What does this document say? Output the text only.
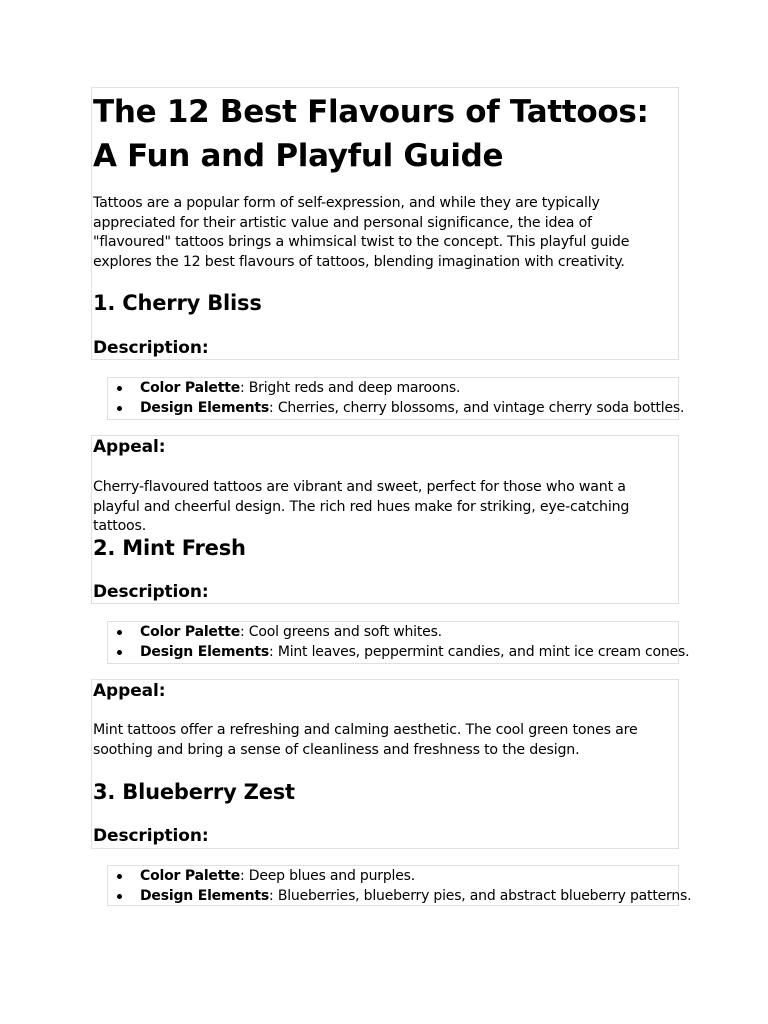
The 12 Best Flavours of Tattoos: A Fun and Playful Guide

Tattoos are a popular form of self-expression, and while they are typically appreciated for their artistic value and personal significance, the idea of "flavoured" tattoos brings a whimsical twist to the concept. This playful guide explores the 12 best flavours of tattoos, blending imagination with creativity.

1. Cherry Bliss
Description:
Color Palette: Bright reds and deep maroons.
Design Elements: Cherries, cherry blossoms, and vintage cherry soda bottles.
Appeal:

Cherry-flavoured tattoos are vibrant and sweet, perfect for those who want a playful and cheerful design. The rich red hues make for striking, eye-catching tattoos.

2. Mint Fresh
Description:
Color Palette: Cool greens and soft whites.
Design Elements: Mint leaves, peppermint candies, and mint ice cream cones.
Appeal:

Mint tattoos offer a refreshing and calming aesthetic. The cool green tones are soothing and bring a sense of cleanliness and freshness to the design.

3. Blueberry Zest
Description:
Color Palette: Deep blues and purples.
Design Elements: Blueberries, blueberry pies, and abstract blueberry patterns.
